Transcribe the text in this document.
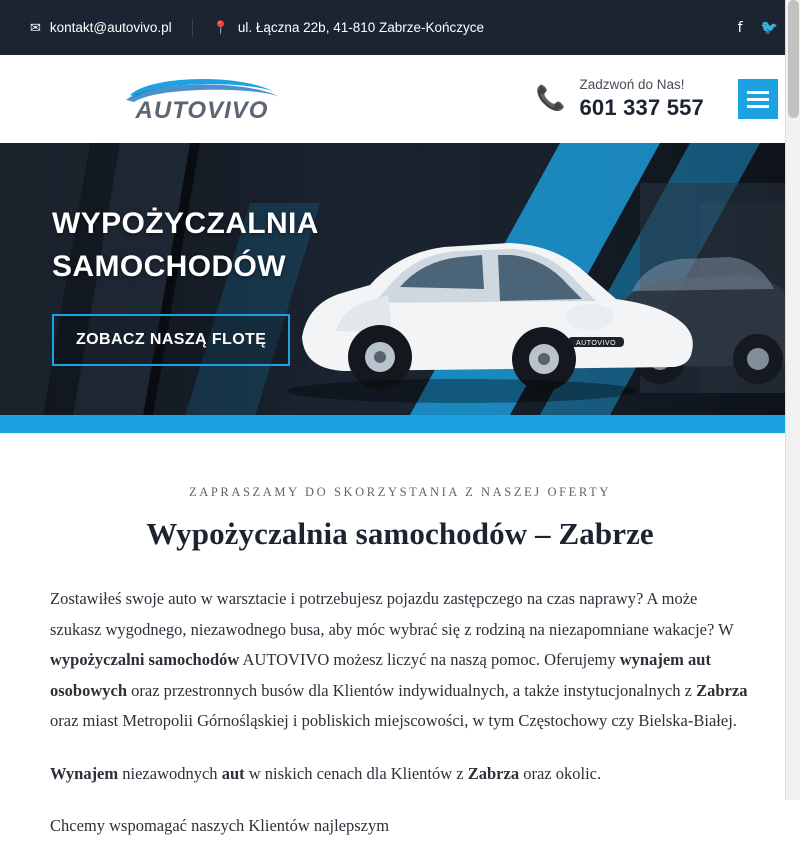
✉ kontakt@autovivo.pl	📍 ul. Łączna 22b, 41-810 Zabrze-Kończyce	f 🐦
AUTOVIVO	📞
Zadzwoń do Nas!
601 337 557
AUTOVIVO
WYPOŻYCZALNIA
SAMOCHODÓW
ZOBACZ NASZĄ FLOTĘ
ZAPRASZAMY DO SKORZYSTANIA Z NASZEJ OFERTY
Wypożyczalnia samochodów – Zabrze

Zostawiłeś swoje auto w warsztacie i potrzebujesz pojazdu zastępczego na czas naprawy? A może szukasz wygodnego, niezawodnego busa, aby móc wybrać się z rodziną na niezapomniane wakacje? W wypożyczalni samochodów AUTOVIVO możesz liczyć na naszą pomoc. Oferujemy wynajem aut osobowych oraz przestronnych busów dla Klientów indywidualnych, a także instytucjonalnych z Zabrza oraz miast Metropolii Górnośląskiej i pobliskich miejscowości, w tym Częstochowy czy Bielska-Białej.

Wynajem niezawodnych aut w niskich cenach dla Klientów z Zabrza oraz okolic.

Chcemy wspomagać naszych Klientów najlepszym
